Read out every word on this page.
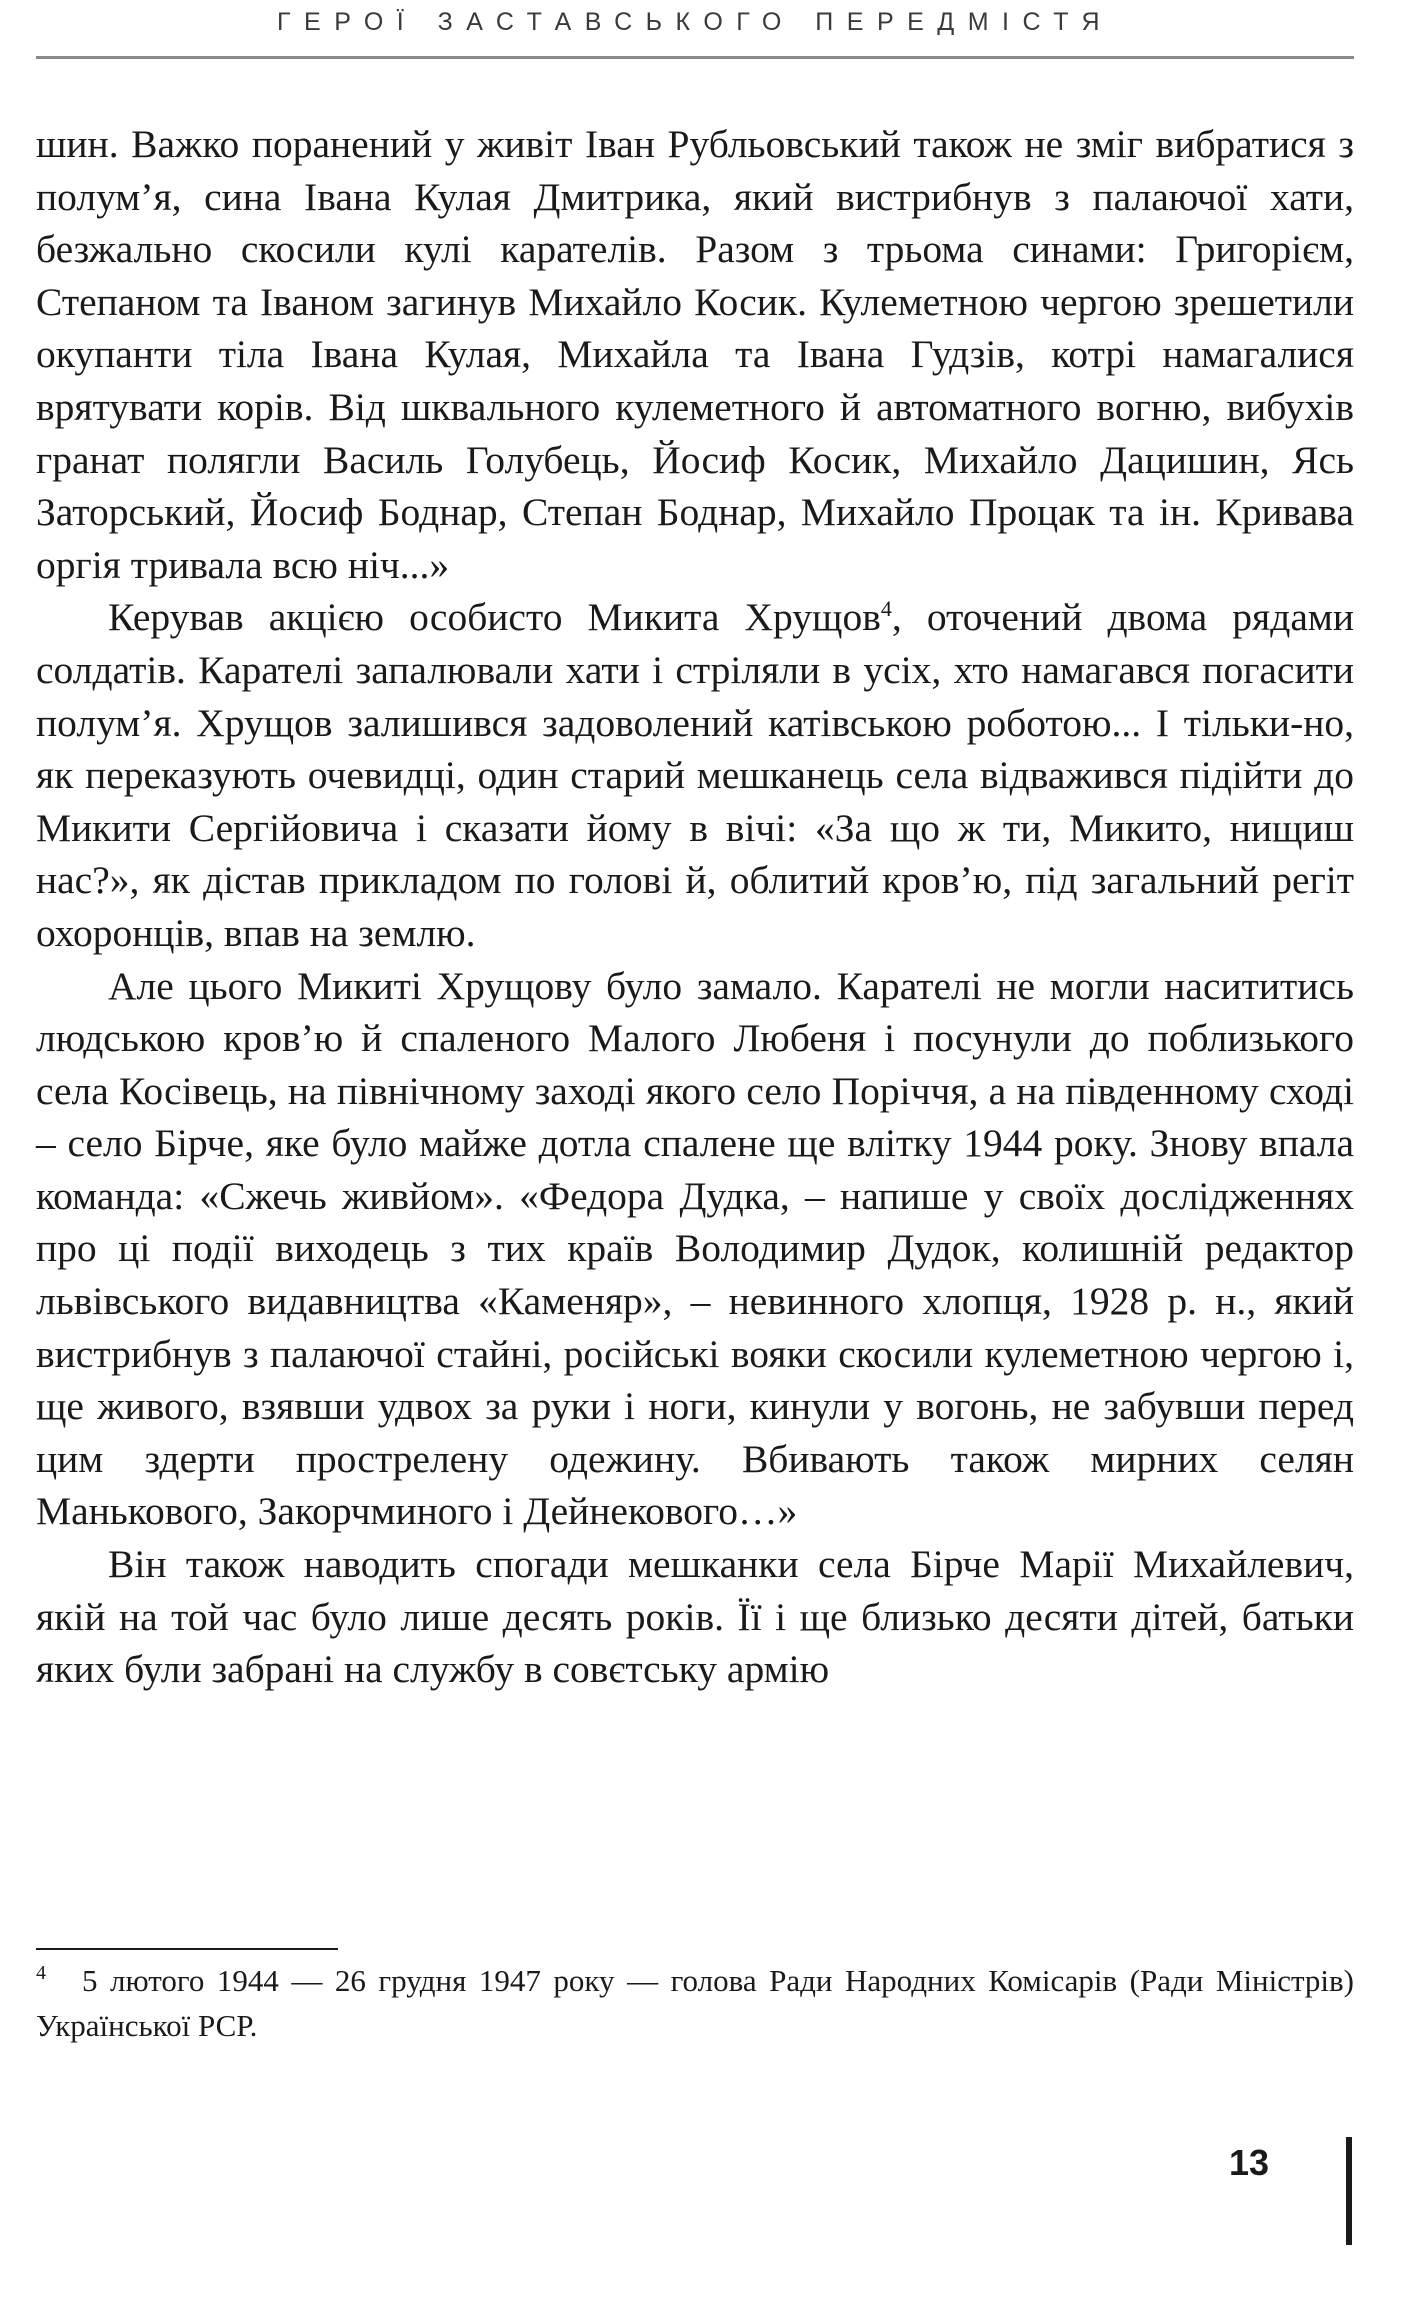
ГЕРОЇ ЗАСТАВСЬКОГО ПЕРЕДМІСТЯ

шин. Важко поранений у живіт Іван Рубльовський також не зміг вибратися з полум’я, сина Івана Кулая Дмитрика, який вистрибнув з палаючої хати, безжально скосили кулі карателів. Разом з трьома синами: Григорієм, Степаном та Іваном загинув Михайло Косик. Кулеметною чергою зрешетили окупанти тіла Івана Кулая, Михайла та Івана Гудзів, котрі намагалися врятувати корів. Від шквального кулеметного й автоматного вогню, вибухів гранат полягли Василь Голубець, Йосиф Косик, Михайло Дацишин, Ясь Заторський, Йосиф Боднар, Степан Боднар, Михайло Процак та ін. Кривава оргія тривала всю ніч...»

Керував акцією особисто Микита Хрущов$^4$, оточений двома рядами солдатів. Карателі запалювали хати і стріляли в усіх, хто намагався погасити полум’я. Хрущов залишився задоволений катівською роботою... І тільки-но, як переказують очевидці, один старий мешканець села відважився підійти до Микити Сергійовича і сказати йому в вічі: «За що ж ти, Микито, нищиш нас?», як дістав прикладом по голові й, облитий кров’ю, під загальний регіт охоронців, впав на землю.

Але цього Микиті Хрущову було замало. Карателі не могли насититись людською кров’ю й спаленого Малого Любеня і посунули до поблизького села Косівець, на північному заході якого село Поріччя, а на південному сході – село Бірче, яке було майже дотла спалене ще влітку 1944 року. Знову впала команда: «Сжечь живйом». «Федора Дудка, – напише у своїх дослідженнях про ці події виходець з тих країв Володимир Дудок, колишній редактор львівського видавництва «Каменяр», – невинного хлопця, 1928 р. н., який вистрибнув з палаючої стайні, російські вояки скосили кулеметною чергою і, ще живого, взявши удвох за руки і ноги, кинули у вогонь, не забувши перед цим здерти прострелену одежину. Вбивають також мирних селян Манькового, Закорчминого і Дейнекового…»

Він також наводить спогади мешканки села Бірче Марії Михайлевич, якій на той час було лише десять років. Її і ще близько десяти дітей, батьки яких були забрані на службу в совєтську армію

$^4$ 5 лютого 1944 — 26 грудня 1947 року — голова Ради Народних Комісарів (Ради Міністрів) Української РСР.
13
